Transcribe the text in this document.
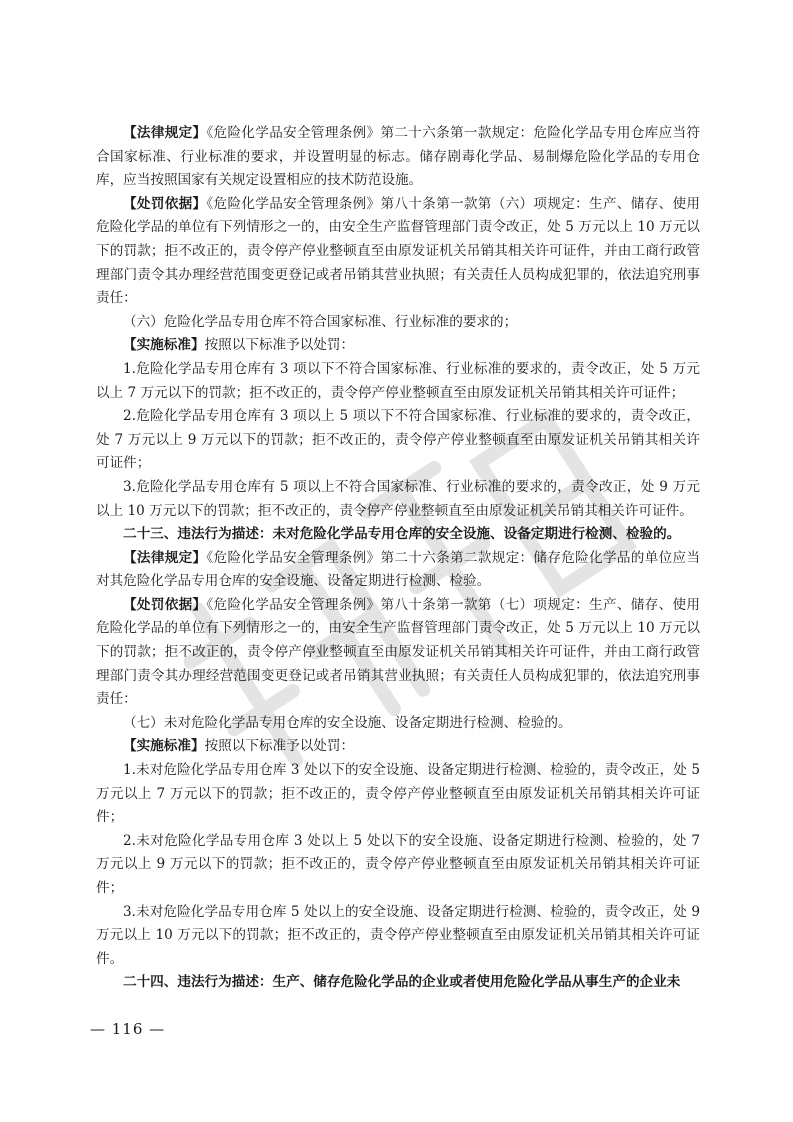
【法律规定】《危险化学品安全管理条例》第二十六条第一款规定：危险化学品专用仓库应当符合国家标准、行业标准的要求，并设置明显的标志。储存剧毒化学品、易制爆危险化学品的专用仓库，应当按照国家有关规定设置相应的技术防范设施。

【处罚依据】《危险化学品安全管理条例》第八十条第一款第（六）项规定：生产、储存、使用危险化学品的单位有下列情形之一的，由安全生产监督管理部门责令改正，处 5 万元以上 10 万元以下的罚款；拒不改正的，责令停产停业整顿直至由原发证机关吊销其相关许可证件，并由工商行政管理部门责令其办理经营范围变更登记或者吊销其营业执照；有关责任人员构成犯罪的，依法追究刑事责任：

（六）危险化学品专用仓库不符合国家标准、行业标准的要求的；

【实施标准】按照以下标准予以处罚：

1.危险化学品专用仓库有 3 项以下不符合国家标准、行业标准的要求的，责令改正，处 5 万元以上 7 万元以下的罚款；拒不改正的，责令停产停业整顿直至由原发证机关吊销其相关许可证件；

2.危险化学品专用仓库有 3 项以上 5 项以下不符合国家标准、行业标准的要求的，责令改正，处 7 万元以上 9 万元以下的罚款；拒不改正的，责令停产停业整顿直至由原发证机关吊销其相关许可证件；

3.危险化学品专用仓库有 5 项以上不符合国家标准、行业标准的要求的，责令改正，处 9 万元以上 10 万元以下的罚款；拒不改正的，责令停产停业整顿直至由原发证机关吊销其相关许可证件。

二十三、违法行为描述：未对危险化学品专用仓库的安全设施、设备定期进行检测、检验的。

【法律规定】《危险化学品安全管理条例》第二十六条第二款规定：储存危险化学品的单位应当对其危险化学品专用仓库的安全设施、设备定期进行检测、检验。

【处罚依据】《危险化学品安全管理条例》第八十条第一款第（七）项规定：生产、储存、使用危险化学品的单位有下列情形之一的，由安全生产监督管理部门责令改正，处 5 万元以上 10 万元以下的罚款；拒不改正的，责令停产停业整顿直至由原发证机关吊销其相关许可证件，并由工商行政管理部门责令其办理经营范围变更登记或者吊销其营业执照；有关责任人员构成犯罪的，依法追究刑事责任：

（七）未对危险化学品专用仓库的安全设施、设备定期进行检测、检验的。

【实施标准】按照以下标准予以处罚：

1.未对危险化学品专用仓库 3 处以下的安全设施、设备定期进行检测、检验的，责令改正，处 5 万元以上 7 万元以下的罚款；拒不改正的，责令停产停业整顿直至由原发证机关吊销其相关许可证件；

2.未对危险化学品专用仓库 3 处以上 5 处以下的安全设施、设备定期进行检测、检验的，处 7 万元以上 9 万元以下的罚款；拒不改正的，责令停产停业整顿直至由原发证机关吊销其相关许可证件；

3.未对危险化学品专用仓库 5 处以上的安全设施、设备定期进行检测、检验的，责令改正，处 9 万元以上 10 万元以下的罚款；拒不改正的，责令停产停业整顿直至由原发证机关吊销其相关许可证件。

二十四、违法行为描述：生产、储存危险化学品的企业或者使用危险化学品从事生产的企业未

— 116 —
